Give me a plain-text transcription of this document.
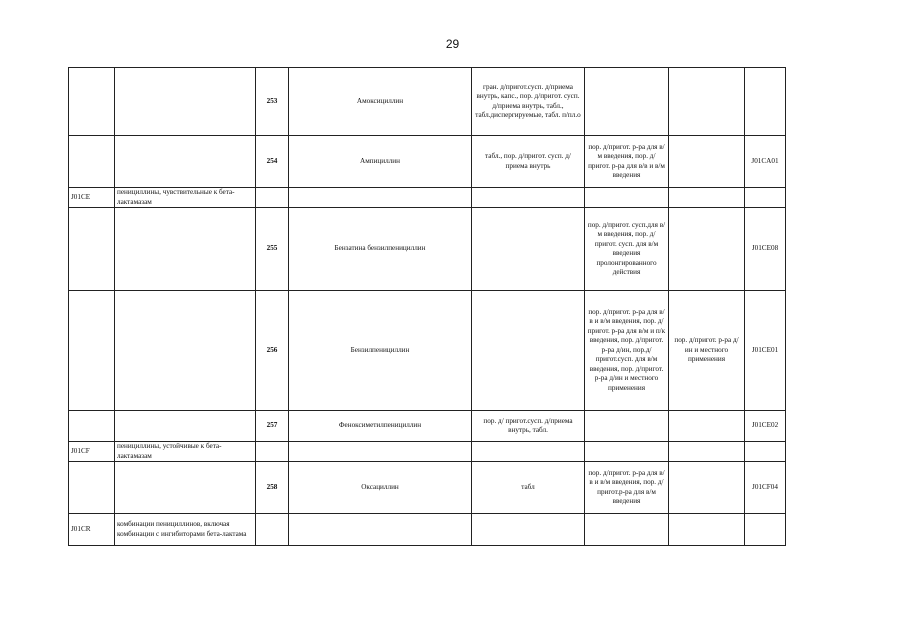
29
		253	Амоксициллин	гран. д/пригот.сусп. д/приема внутрь, капс., пор. д/пригот. сусп. д/приема внутрь, табл., табл.диспергируемые, табл. п/пл.о			
		254	Ампициллин	табл., пор. д/пригот. сусп. д/приема внутрь	пор. д/пригот. р-ра для в/м введения, пор. д/пригот. р-ра для в/в и в/м введения		J01CA01
J01CE	пенициллины, чувствительные к бета-лактамазам						
		255	Бензатина бензилпенициллин		пор. д/пригот. сусп.для в/м введения, пор. д/пригот. сусп. для в/м введения пролонгированного действия		J01CE08
		256	Бензилпенициллин		пор. д/пригот. р-ра для в/в и в/м введения, пор. д/пригот. р-ра для в/м и п/к введения, пор. д/пригот. р-ра д/ин, пор.д/пригот.сусп. для в/м введения, пор. д/пригот. р-ра д/ин и местного применения	пор. д/пригот. р-ра д/ин и местного применения	J01CE01
		257	Феноксиметилпенициллин	пор. д/ пригот.сусп. д/приема внутрь, табл.			J01CE02
J01CF	пенициллины, устойчивые к бета-лактамазам						
		258	Оксациллин	табл	пор. д/пригот. р-ра для в/в и в/м введения, пор. д/пригот.р-ра для в/м введения		J01CF04
J01CR	комбинации пенициллинов, включая комбинации с ингибиторами бета-лактама						
